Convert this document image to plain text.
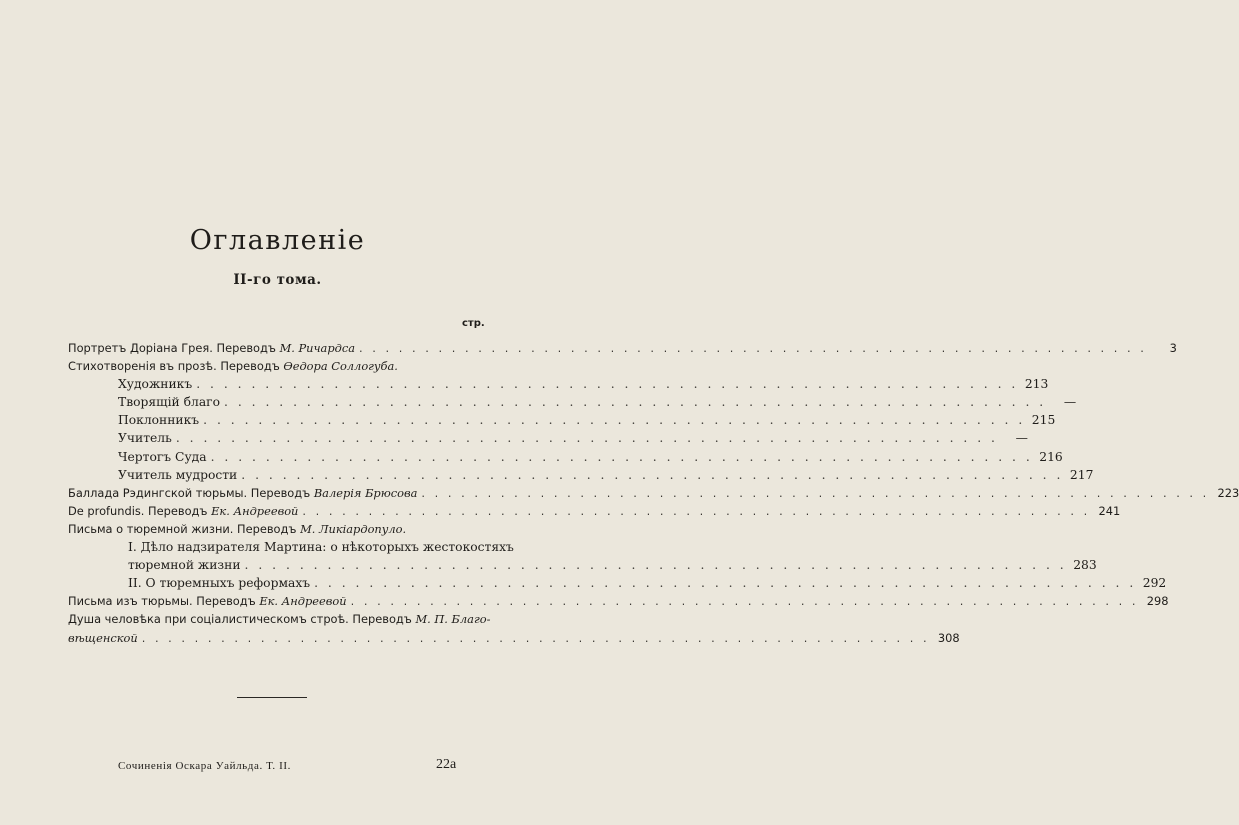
Оглавленіе
II-го тома.
стр.
Портретъ Доріана Грея. Переводъ М. Ричардса . . . . . . . . . . . . . . . . . . . . . . . . . . . . . . . . . . . . . . . . . . . . . . . . . . . . . . . . . . . .	3
Стихотворенія въ прозѣ. Переводъ Өедора Соллогуба.
Художникъ . . . . . . . . . . . . . . . . . . . . . . . . . . . . . . . . . . . . . . . . . . . . . . . . . . . . . . . . . . . . 213
Творящій благо . . . . . . . . . . . . . . . . . . . . . . . . . . . . . . . . . . . . . . . . . . . . . . . . . . . . . . . . . . . .	—
Поклонникъ . . . . . . . . . . . . . . . . . . . . . . . . . . . . . . . . . . . . . . . . . . . . . . . . . . . . . . . . . . . . 215
Учитель . . . . . . . . . . . . . . . . . . . . . . . . . . . . . . . . . . . . . . . . . . . . . . . . . . . . . . . . . . . .	—
Чертогъ Суда . . . . . . . . . . . . . . . . . . . . . . . . . . . . . . . . . . . . . . . . . . . . . . . . . . . . . . . . . . . . 216
Учитель мудрости . . . . . . . . . . . . . . . . . . . . . . . . . . . . . . . . . . . . . . . . . . . . . . . . . . . . . . . . . . . . 217
Баллада Рэдингской тюрьмы. Переводъ Валерія Брюсова . . . . . . . . . . . . . . . . . . . . . . . . . . . . . . . . . . . . . . . . . . . . . . . . . . . . . . . . . . . . 223
De profundis. Переводъ Ек. Андреевой . . . . . . . . . . . . . . . . . . . . . . . . . . . . . . . . . . . . . . . . . . . . . . . . . . . . . . . . . . . . 241
Письма о тюремной жизни. Переводъ М. Ликіардопуло.
I. Дѣло надзирателя Мартина: о нѣкоторыхъ жестокостяхъ
тюремной жизни . . . . . . . . . . . . . . . . . . . . . . . . . . . . . . . . . . . . . . . . . . . . . . . . . . . . . . . . . . . . 283
II. О тюремныхъ реформахъ . . . . . . . . . . . . . . . . . . . . . . . . . . . . . . . . . . . . . . . . . . . . . . . . . . . . . . . . . . . . 292
Письма изъ тюрьмы. Переводъ Ек. Андреевой . . . . . . . . . . . . . . . . . . . . . . . . . . . . . . . . . . . . . . . . . . . . . . . . . . . . . . . . . . . . 298
Душа человѣка при соціалистическомъ строѣ. Переводъ М. П. Благо-
вѣщенской . . . . . . . . . . . . . . . . . . . . . . . . . . . . . . . . . . . . . . . . . . . . . . . . . . . . . . . . . . . . 308
Сочиненія Оскара Уайльда. Т. II.	22а
